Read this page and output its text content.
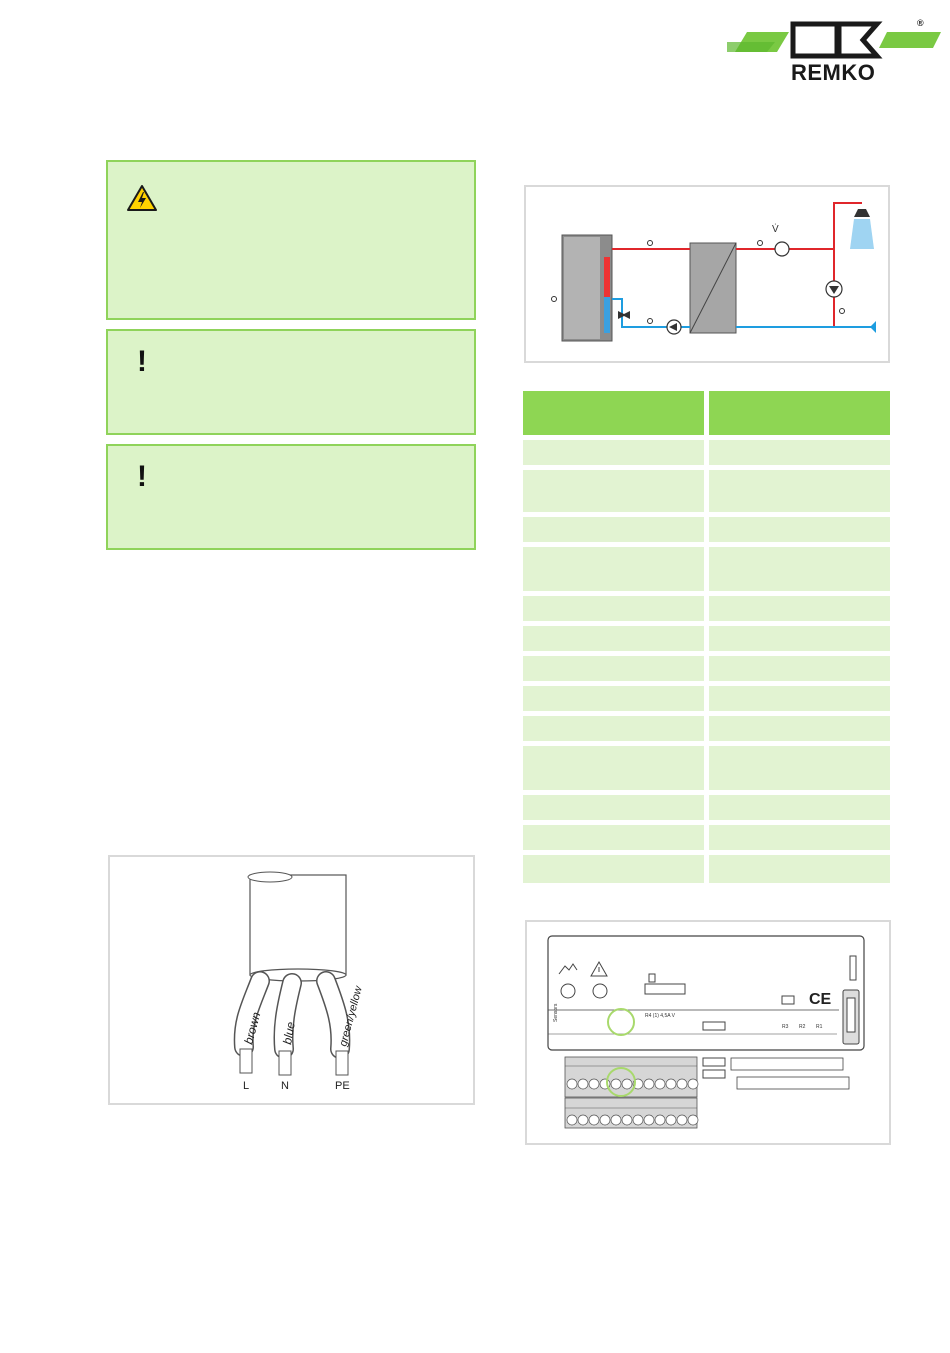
®
REMKO
!
!
V̇
brown blue	green/yellow
L	N	PE
CE
Sensors	R4 (1) 4,5A V
R3 R2 R1
